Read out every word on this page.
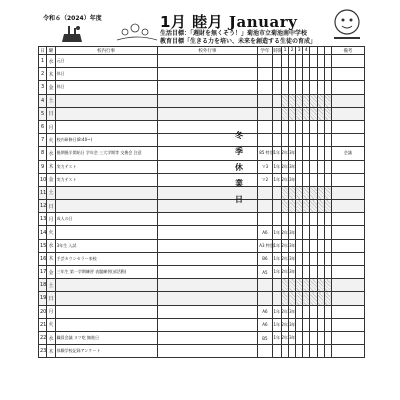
令和６（2024）年度	1月 睦月 January
生活目標：「週財を無くそう！」菊池市立菊池南中学校
教育目標「生きる力を培い、未来を創造する生徒の育成」
日	曜	校内行事	校外行事	学年	時限	1	2	3	4				備考
1	水	元日											
2	木	休日											
3	金	休日											
4	土												
5	日												
6	月												
7	火	校内研修日(8:40~)											
8	水	後期後半開始日 学年会 三大学期等 交換会 注意		85 特別	1年 2年 3年								会議
9	木	実力テスト		マ3	1年 2年 3年								
10	金	実力テスト		マ2	1年 2年 3年								
11	土												
12	日												
13	月	成人の日											
14	火			A6	1年 2年 3年								
15	水	3年生 入試		A3 特別	1年 2年 3年								
16	木	手芸カウンセラー来校		B6	1年 2年 3年								
17	金	三年生 第一学期練習 表題練習(部活動)		A5	1年 2年 3年								
18	土												
19	日												
20	月			A6	1年 2年 3年								
21	火			A6	1年 2年 3年								
22	水	職員会議 ヌツ吃 無進日		B5	1年 2年 3年								
23	木	体験学校記録アンケート											
冬
季
休
業
日
